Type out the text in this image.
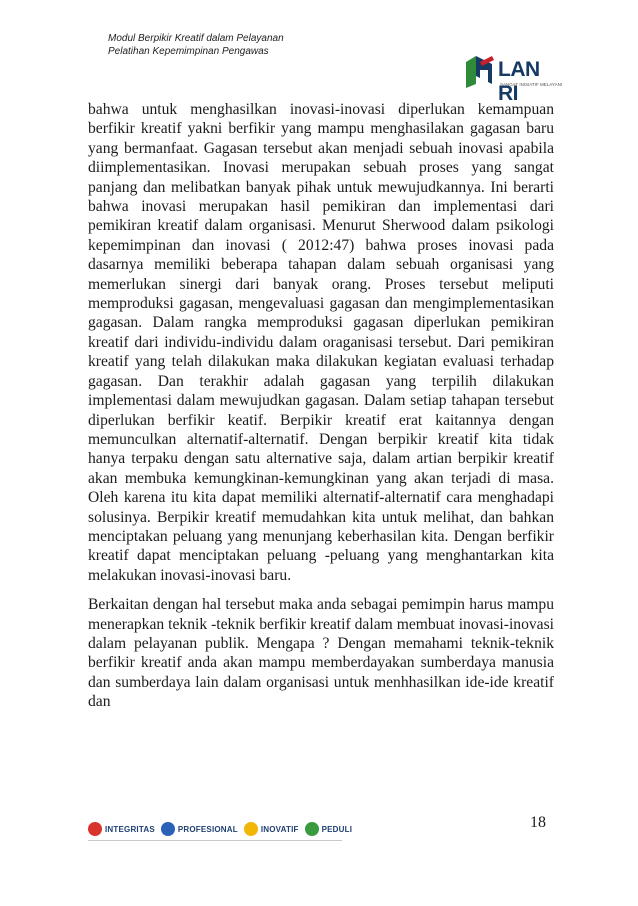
Modul Berpikir Kreatif dalam Pelayanan
Pelatihan Kepemimpinan Pengawas
LAN RI
SANGAT INISIATIF MELAYANI

bahwa untuk menghasilkan inovasi-inovasi diperlukan kemampuan berfikir kreatif yakni berfikir yang mampu menghasilakan gagasan baru yang bermanfaat. Gagasan tersebut akan menjadi sebuah inovasi apabila diimplementasikan. Inovasi merupakan sebuah proses yang sangat panjang dan melibatkan banyak pihak untuk mewujudkannya. Ini berarti bahwa inovasi merupakan hasil pemikiran dan implementasi dari pemikiran kreatif dalam organisasi. Menurut Sherwood dalam psikologi kepemimpinan dan inovasi ( 2012:47) bahwa proses inovasi pada dasarnya memiliki beberapa tahapan dalam sebuah organisasi yang memerlukan sinergi dari banyak orang. Proses tersebut meliputi memproduksi gagasan, mengevaluasi gagasan dan mengimplementasikan gagasan. Dalam rangka memproduksi gagasan diperlukan pemikiran kreatif dari individu-individu dalam oraganisasi tersebut. Dari pemikiran kreatif yang telah dilakukan maka dilakukan kegiatan evaluasi terhadap gagasan. Dan terakhir adalah gagasan yang terpilih dilakukan implementasi dalam mewujudkan gagasan. Dalam setiap tahapan tersebut diperlukan berfikir keatif. Berpikir kreatif erat kaitannya dengan memunculkan alternatif-alternatif. Dengan berpikir kreatif kita tidak hanya terpaku dengan satu alternative saja, dalam artian berpikir kreatif akan membuka kemungkinan-kemungkinan yang akan terjadi di masa. Oleh karena itu kita dapat memiliki alternatif-alternatif cara menghadapi solusinya. Berpikir kreatif memudahkan kita untuk melihat, dan bahkan menciptakan peluang yang menunjang keberhasilan kita. Dengan berfikir kreatif dapat menciptakan peluang -peluang yang menghantarkan kita melakukan inovasi-inovasi baru.

Berkaitan dengan hal tersebut maka anda sebagai pemimpin harus mampu menerapkan teknik -teknik berfikir kreatif dalam membuat inovasi-inovasi dalam pelayanan publik. Mengapa ? Dengan memahami teknik-teknik berfikir kreatif anda akan mampu memberdayakan sumberdaya manusia dan sumberdaya lain dalam organisasi untuk menhhasilkan ide-ide kreatif dan

INTEGRITAS	PROFESIONAL	INOVATIF	PEDULI	18
